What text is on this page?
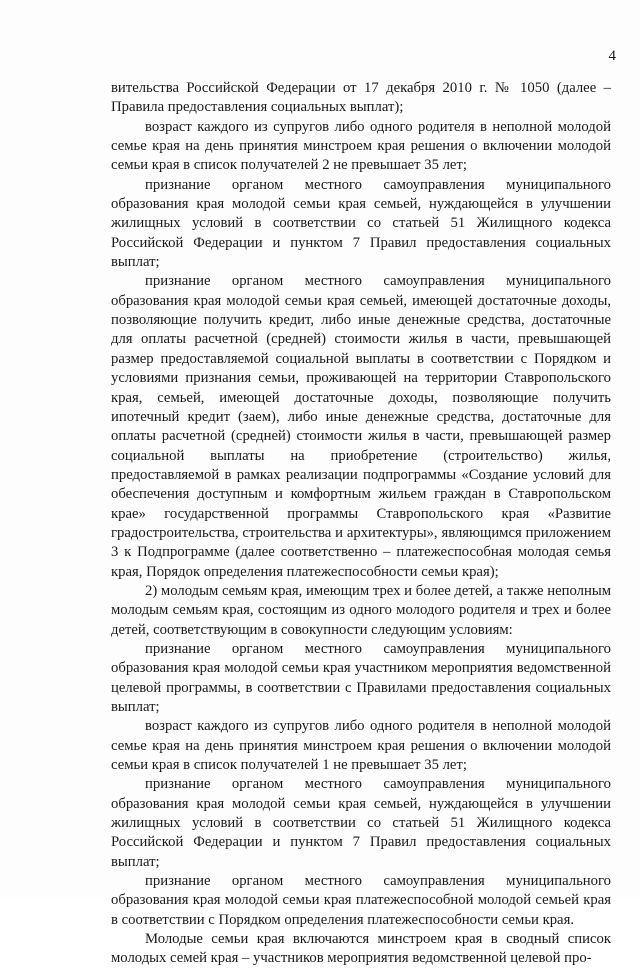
4

вительства Российской Федерации от 17 декабря 2010 г. № 1050 (далее – Правила предоставления социальных выплат);

возраст каждого из супругов либо одного родителя в неполной молодой семье края на день принятия минстроем края решения о включении молодой семьи края в список получателей 2 не превышает 35 лет;

признание органом местного самоуправления муниципального образования края молодой семьи края семьей, нуждающейся в улучшении жилищных условий в соответствии со статьей 51 Жилищного кодекса Российской Федерации и пунктом 7 Правил предоставления социальных выплат;

признание органом местного самоуправления муниципального образования края молодой семьи края семьей, имеющей достаточные доходы, позволяющие получить кредит, либо иные денежные средства, достаточные для оплаты расчетной (средней) стоимости жилья в части, превышающей размер предоставляемой социальной выплаты в соответствии с Порядком и условиями признания семьи, проживающей на территории Ставропольского края, семьей, имеющей достаточные доходы, позволяющие получить ипотечный кредит (заем), либо иные денежные средства, достаточные для оплаты расчетной (средней) стоимости жилья в части, превышающей размер социальной выплаты на приобретение (строительство) жилья, предоставляемой в рамках реализации подпрограммы «Создание условий для обеспечения доступным и комфортным жильем граждан в Ставропольском крае» государственной программы Ставропольского края «Развитие градостроительства, строительства и архитектуры», являющимся приложением 3 к Подпрограмме (далее соответственно – платежеспособная молодая семья края, Порядок определения платежеспособности семьи края);

2) молодым семьям края, имеющим трех и более детей, а также неполным молодым семьям края, состоящим из одного молодого родителя и трех и более детей, соответствующим в совокупности следующим условиям:

признание органом местного самоуправления муниципального образования края молодой семьи края участником мероприятия ведомственной целевой программы, в соответствии с Правилами предоставления социальных выплат;

возраст каждого из супругов либо одного родителя в неполной молодой семье края на день принятия минстроем края решения о включении молодой семьи края в список получателей 1 не превышает 35 лет;

признание органом местного самоуправления муниципального образования края молодой семьи края семьей, нуждающейся в улучшении жилищных условий в соответствии со статьей 51 Жилищного кодекса Российской Федерации и пунктом 7 Правил предоставления социальных выплат;

признание органом местного самоуправления муниципального образования края молодой семьи края платежеспособной молодой семьей края в соответствии с Порядком определения платежеспособности семьи края.

Молодые семьи края включаются минстроем края в сводный список молодых семей края – участников мероприятия ведомственной целевой про-
